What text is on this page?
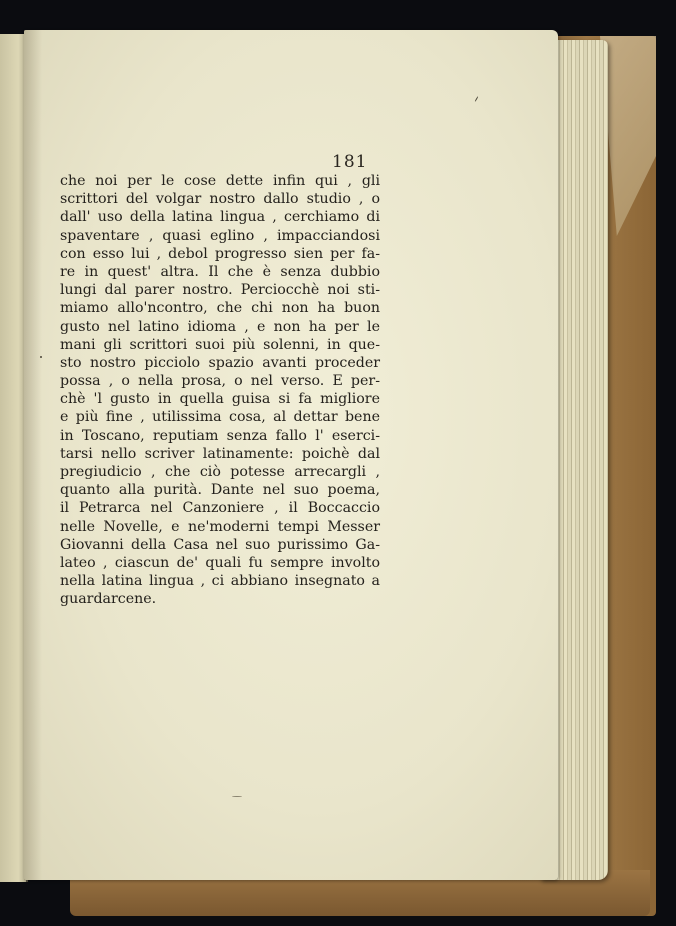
181
che noi per le cose dette infin qui , gli
scrittori del volgar nostro dallo studio , o
dall' uso della latina lingua , cerchiamo di
spaventare , quasi eglino , impacciandosi
con esso lui , debol progresso sien per fa-
re in quest' altra. Il che è senza dubbio
lungi dal parer nostro. Perciocchè noi sti-
miamo allo'ncontro, che chi non ha buon
gusto nel latino idioma , e non ha per le
mani gli scrittori suoi più solenni, in que-
sto nostro picciolo spazio avanti proceder
possa , o nella prosa, o nel verso. E per-
chè 'l gusto in quella guisa si fa migliore
e più fine , utilissima cosa, al dettar bene
in Toscano, reputiam senza fallo l' eserci-
tarsi nello scriver latinamente: poichè dal
pregiudicio , che ciò potesse arrecargli ,
quanto alla purità. Dante nel suo poema,
il Petrarca nel Canzoniere , il Boccaccio
nelle Novelle, e ne'moderni tempi Messer
Giovanni della Casa nel suo purissimo Ga-
lateo , ciascun de' quali fu sempre involto
nella latina lingua , ci abbiano insegnato a
guardarcene.
